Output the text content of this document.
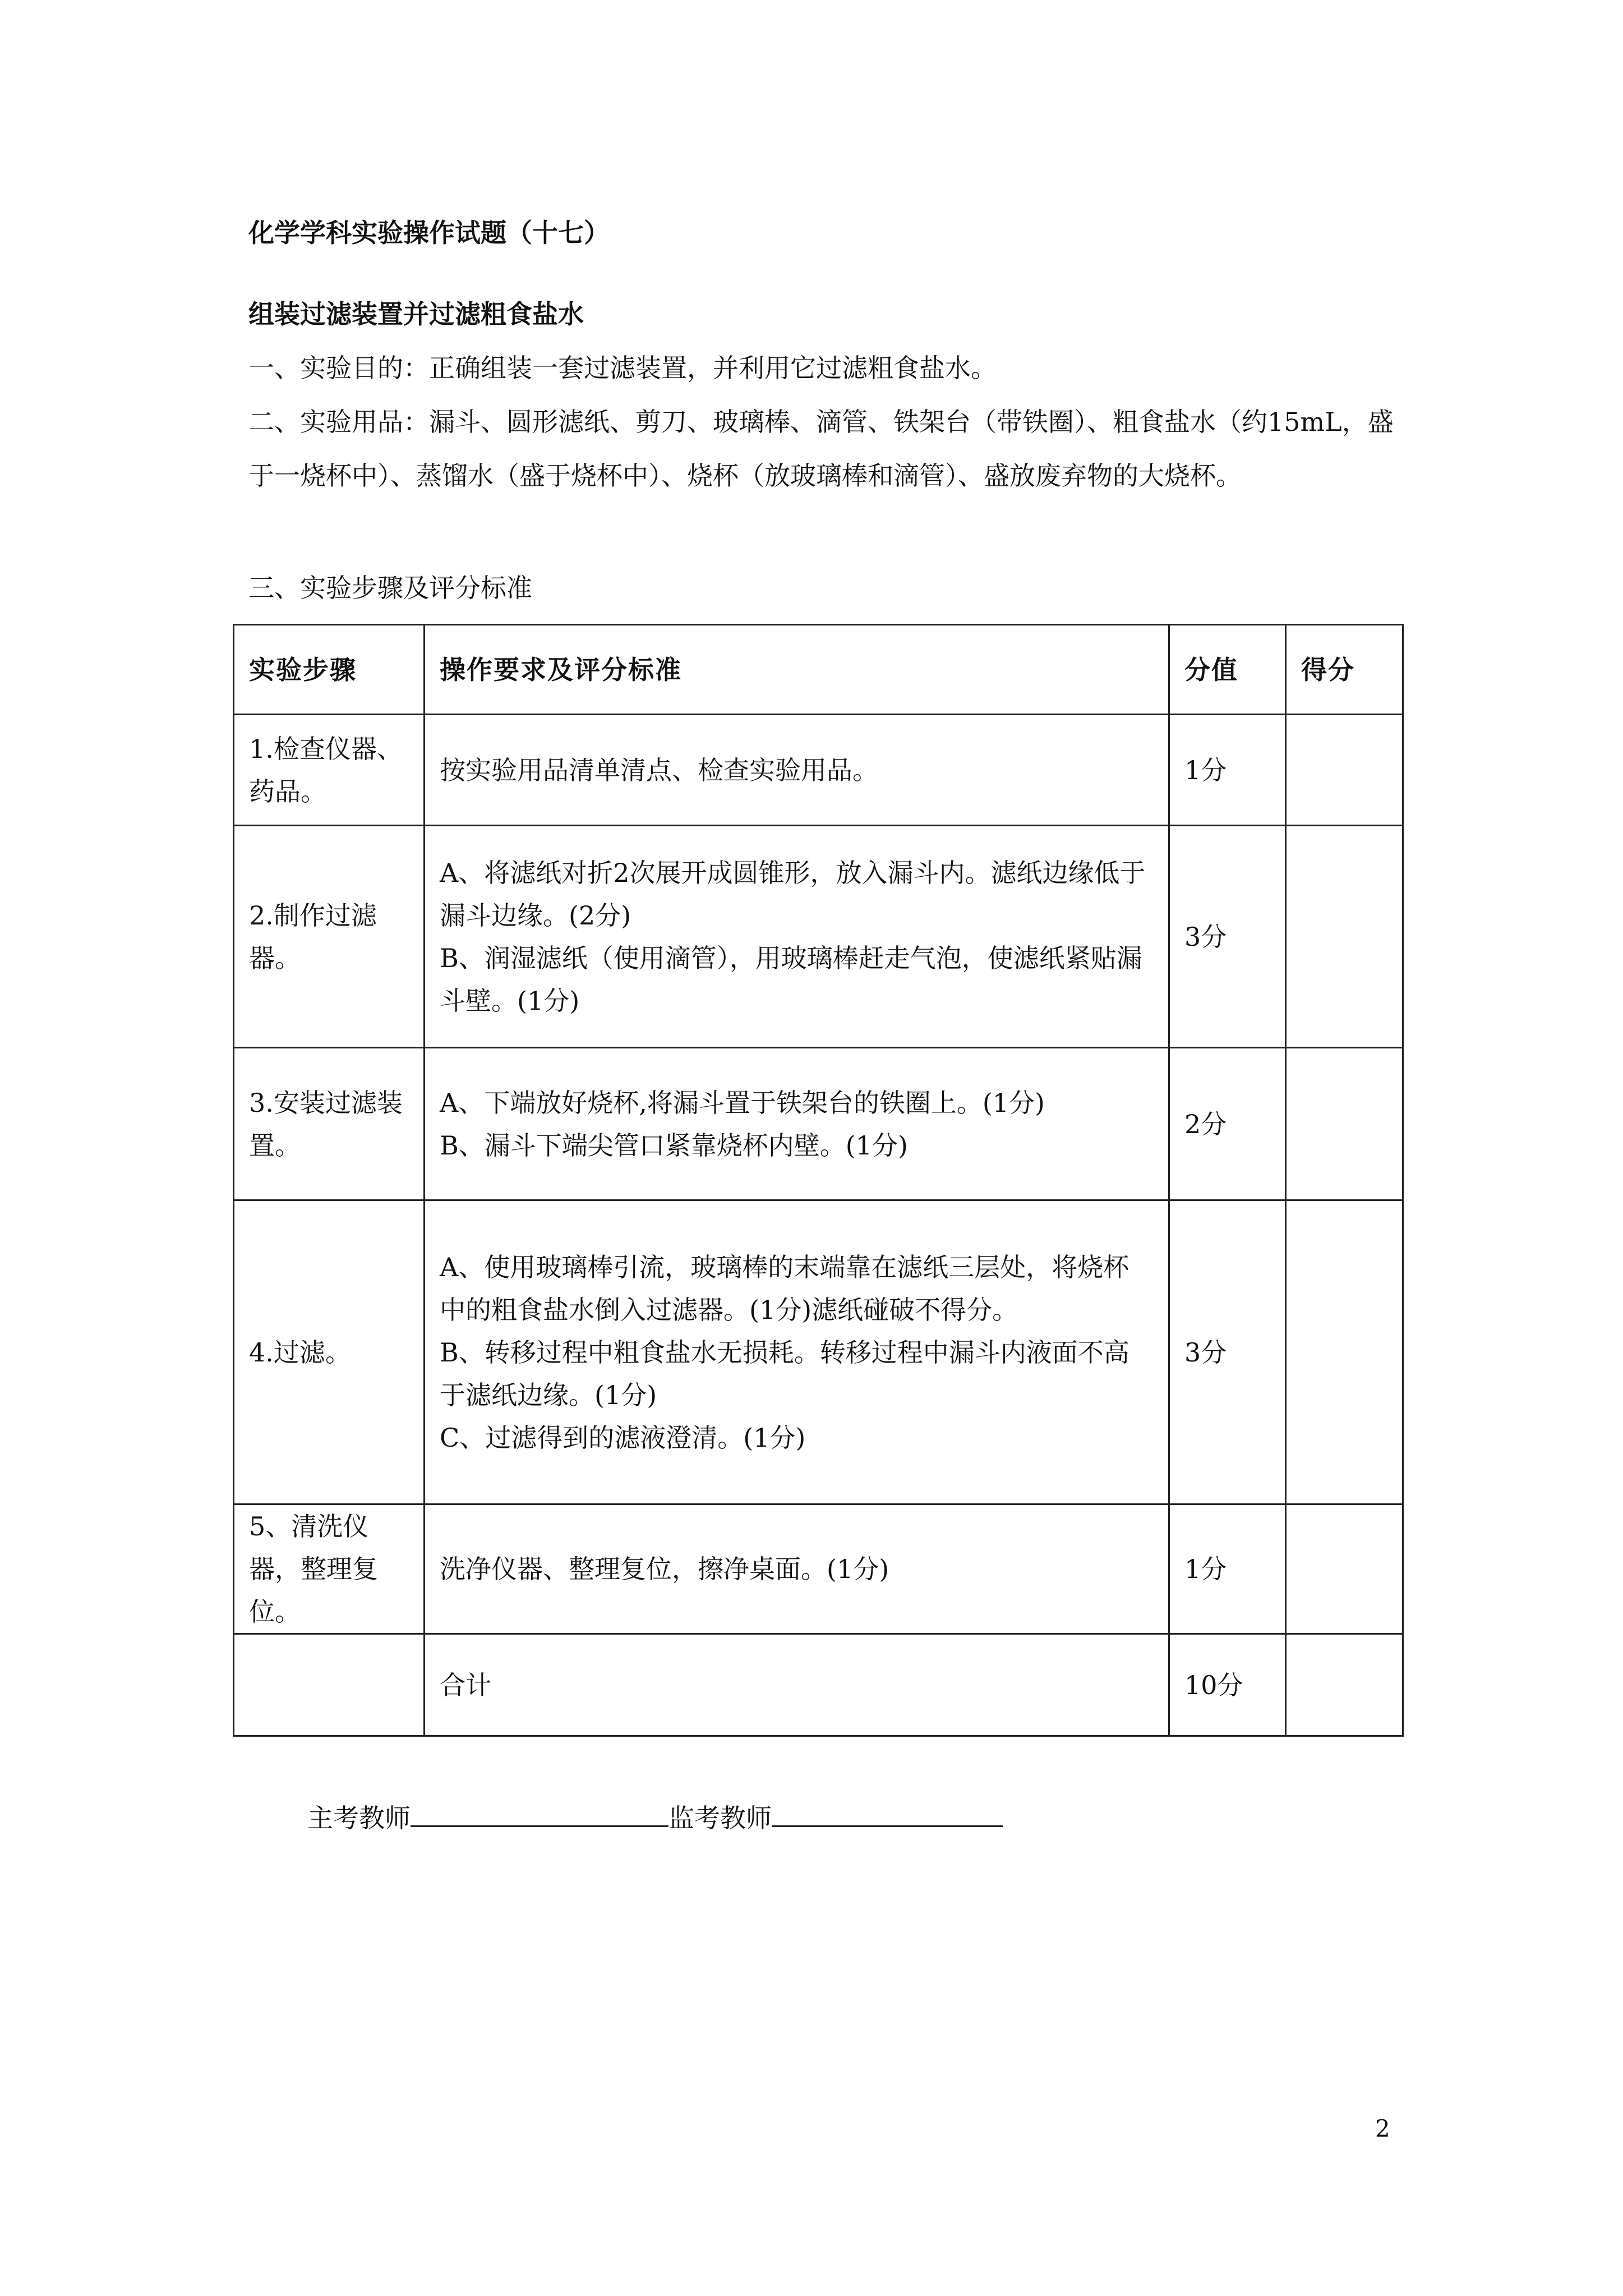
化学学科实验操作试题（十七）
组装过滤装置并过滤粗食盐水

一、实验目的：正确组装一套过滤装置，并利用它过滤粗食盐水。

二、实验用品：漏斗、圆形滤纸、剪刀、玻璃棒、滴管、铁架台（带铁圈）、粗食盐水（约15mL，盛于一烧杯中）、蒸馏水（盛于烧杯中）、烧杯（放玻璃棒和滴管）、盛放废弃物的大烧杯。

三、实验步骤及评分标准

实验步骤	操作要求及评分标准	分值	得分
1.检查仪器、药品。	按实验用品清单清点、检查实验用品。	1分	
2.制作过滤器。	A、将滤纸对折2次展开成圆锥形，放入漏斗内。滤纸边缘低于漏斗边缘。(2分)
B、润湿滤纸（使用滴管），用玻璃棒赶走气泡，使滤纸紧贴漏斗壁。(1分)	3分	
3.安装过滤装置。	A、下端放好烧杯,将漏斗置于铁架台的铁圈上。(1分)
B、漏斗下端尖管口紧靠烧杯内壁。(1分)	2分	
4.过滤。	A、使用玻璃棒引流，玻璃棒的末端靠在滤纸三层处，将烧杯中的粗食盐水倒入过滤器。(1分)滤纸碰破不得分。
B、转移过程中粗食盐水无损耗。转移过程中漏斗内液面不高于滤纸边缘。(1分)
C、过滤得到的滤液澄清。(1分)	3分	
5、清洗仪器，整理复位。	洗净仪器、整理复位，擦净桌面。(1分)	1分	

	合计	10分	

主考教师	监考教师

2
